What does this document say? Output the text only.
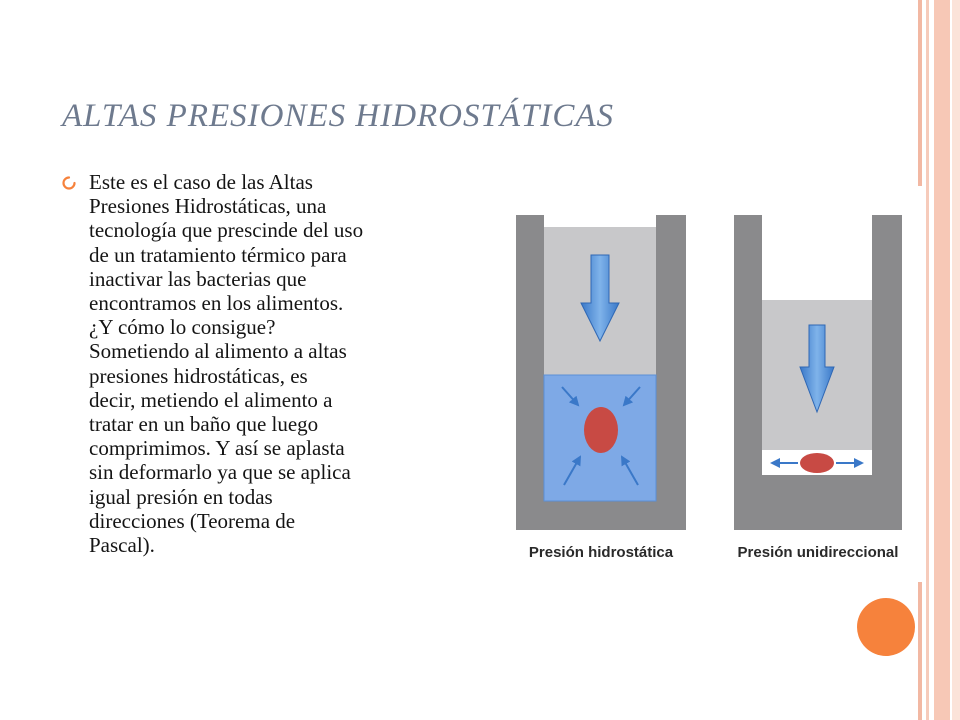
ALTAS PRESIONES HIDROSTÁTICAS

Este es el caso de las Altas
Presiones Hidrostáticas, una
tecnología que prescinde del uso
de un tratamiento térmico para
inactivar las bacterias que
encontramos en los alimentos.
¿Y cómo lo consigue?
Sometiendo al alimento a altas
presiones hidrostáticas, es
decir, metiendo el alimento a
tratar en un baño que luego
comprimimos. Y así se aplasta
sin deformarlo ya que se aplica
igual presión en todas
direcciones (Teorema de
Pascal).	Presión hidrostática	Presión unidireccional
